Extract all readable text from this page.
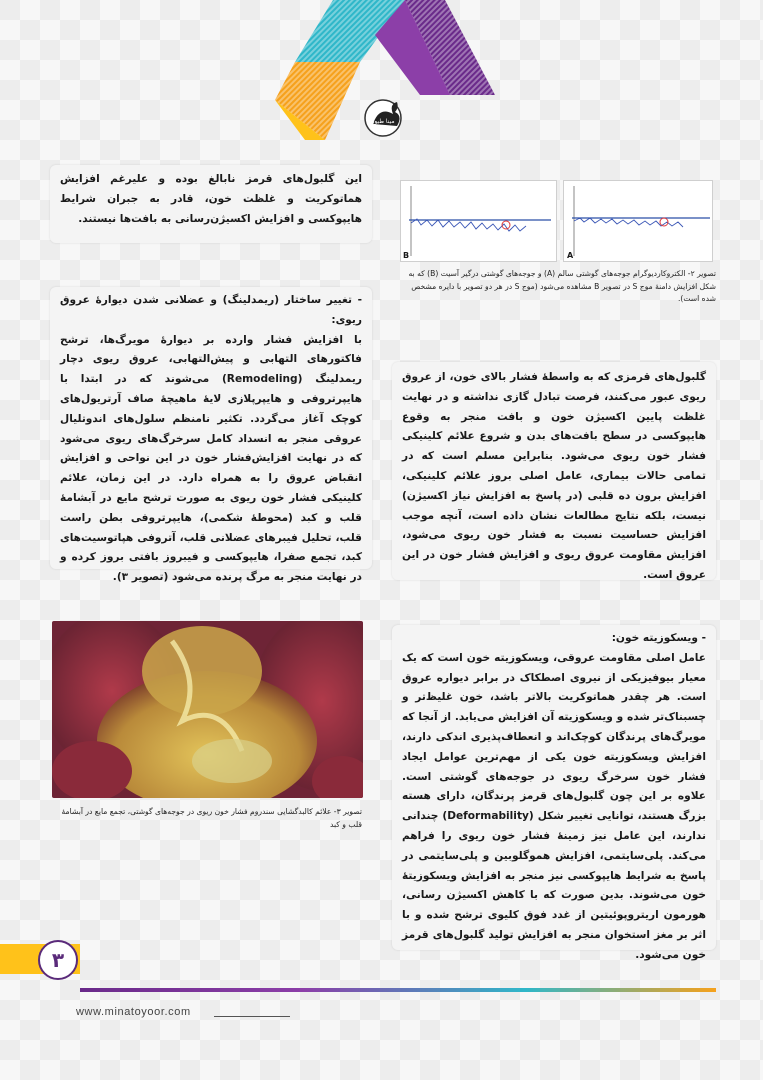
مینا طیور

این گلبول‌های قرمز نابالغ بوده و علیرغم افزایش هماتوکریت و غلظت خون، قادر به جبران شرایط هایپوکسی و افزایش اکسیژن‌رسانی به بافت‌ها نیستند.

B	A
تصویر ۲- الکتروکاردیوگرام جوجه‌های گوشتی سالم (A) و جوجه‌های گوشتی درگیر آسیت (B) که به شکل افزایش دامنهٔ موج S در تصویر B مشاهده می‌شود (موج S در هر دو تصویر با دایره مشخص شده است).
- تغییر ساختار (ریمدلینگ) و عضلانی شدن دیوارهٔ عروق ریوی:

با افزایش فشار وارده بر دیوارهٔ مویرگ‌ها، ترشح فاکتورهای التهابی و پیش‌التهابی، عروق ریوی دچار ریمدلینگ (Remodeling) می‌شوند که در ابتدا با هایپرتروفی و هایپرپلازی لایهٔ ماهیچهٔ صاف آرتریول‌های کوچک آغاز می‌گردد. تکثیر نامنظم سلول‌های اندوتلیال عروقی منجر به انسداد کامل سرخرگ‌های ریوی می‌شود که در نهایت افزایش‌فشار خون در این نواحی و افزایش انقباض عروق را به همراه دارد. در این زمان، علائم کلینیکی فشار خون ریوی به صورت ترشح مایع در آبشامهٔ قلب و کبد (محوطهٔ شکمی)، هایپرتروفی بطن راست قلب، تحلیل فیبرهای عضلانی قلب، آتروفی هپاتوسیت‌های کبد، تجمع صفرا، هایپوکسی و فیبروز بافتی بروز کرده و در نهایت منجر به مرگ پرنده می‌شود (تصویر ۳).

گلبول‌های قرمزی که به واسطهٔ فشار بالای خون، از عروق ریوی عبور می‌کنند، فرصت تبادل گازی نداشته و در نهایت غلظت پایین اکسیژن خون و بافت منجر به وقوع هایپوکسی در سطح بافت‌های بدن و شروع علائم کلینیکی فشار خون ریوی می‌شود. بنابراین مسلم است که در تمامی حالات بیماری، عامل اصلی بروز علائم کلینیکی، افزایش برون ده قلبی (در پاسخ به افزایش نیاز اکسیژن) نیست، بلکه نتایج مطالعات نشان داده است، آنچه موجب افزایش حساسیت نسبت به فشار خون ریوی می‌شود، افزایش مقاومت عروق ریوی و افزایش فشار خون در این عروق است.

تصویر ۳- علائم کالبدگشایی سندروم فشار خون ریوی در جوجه‌های گوشتی، تجمع مایع در آبشامهٔ قلب و کبد
- ویسکوزیته خون:

عامل اصلی مقاومت عروقی، ویسکوزیته خون است که یک معیار بیوفیزیکی از نیروی اصطکاک در برابر دیواره عروق است. هر چقدر هماتوکریت بالاتر باشد، خون غلیظ‌تر و چسبناک‌تر شده و ویسکوزیته آن افزایش می‌یابد. از آنجا که مویرگ‌های پرندگان کوچک‌اند و انعطاف‌پذیری اندکی دارند، افزایش ویسکوزیته خون یکی از مهم‌ترین عوامل ایجاد فشار خون سرخرگ ریوی در جوجه‌های گوشتی است. علاوه بر این چون گلبول‌های قرمز پرندگان، دارای هسته بزرگ هستند، توانایی تغییر شکل (Deformability) چندانی ندارند، این عامل نیز زمینهٔ فشار خون ریوی را فراهم می‌کند. پلی‌سایتمی، افزایش هموگلوبین و پلی‌سایتمی در پاسخ به شرایط هایپوکسی نیز منجر به افزایش ویسکوزیتهٔ خون می‌شوند. بدین صورت که با کاهش اکسیژن رسانی، هورمون اریتروپوئیتین از غدد فوق کلیوی ترشح شده و با اثر بر مغز استخوان منجر به افزایش تولید گلبول‌های قرمز خون می‌شود.

۳
www.minatoyoor.com
